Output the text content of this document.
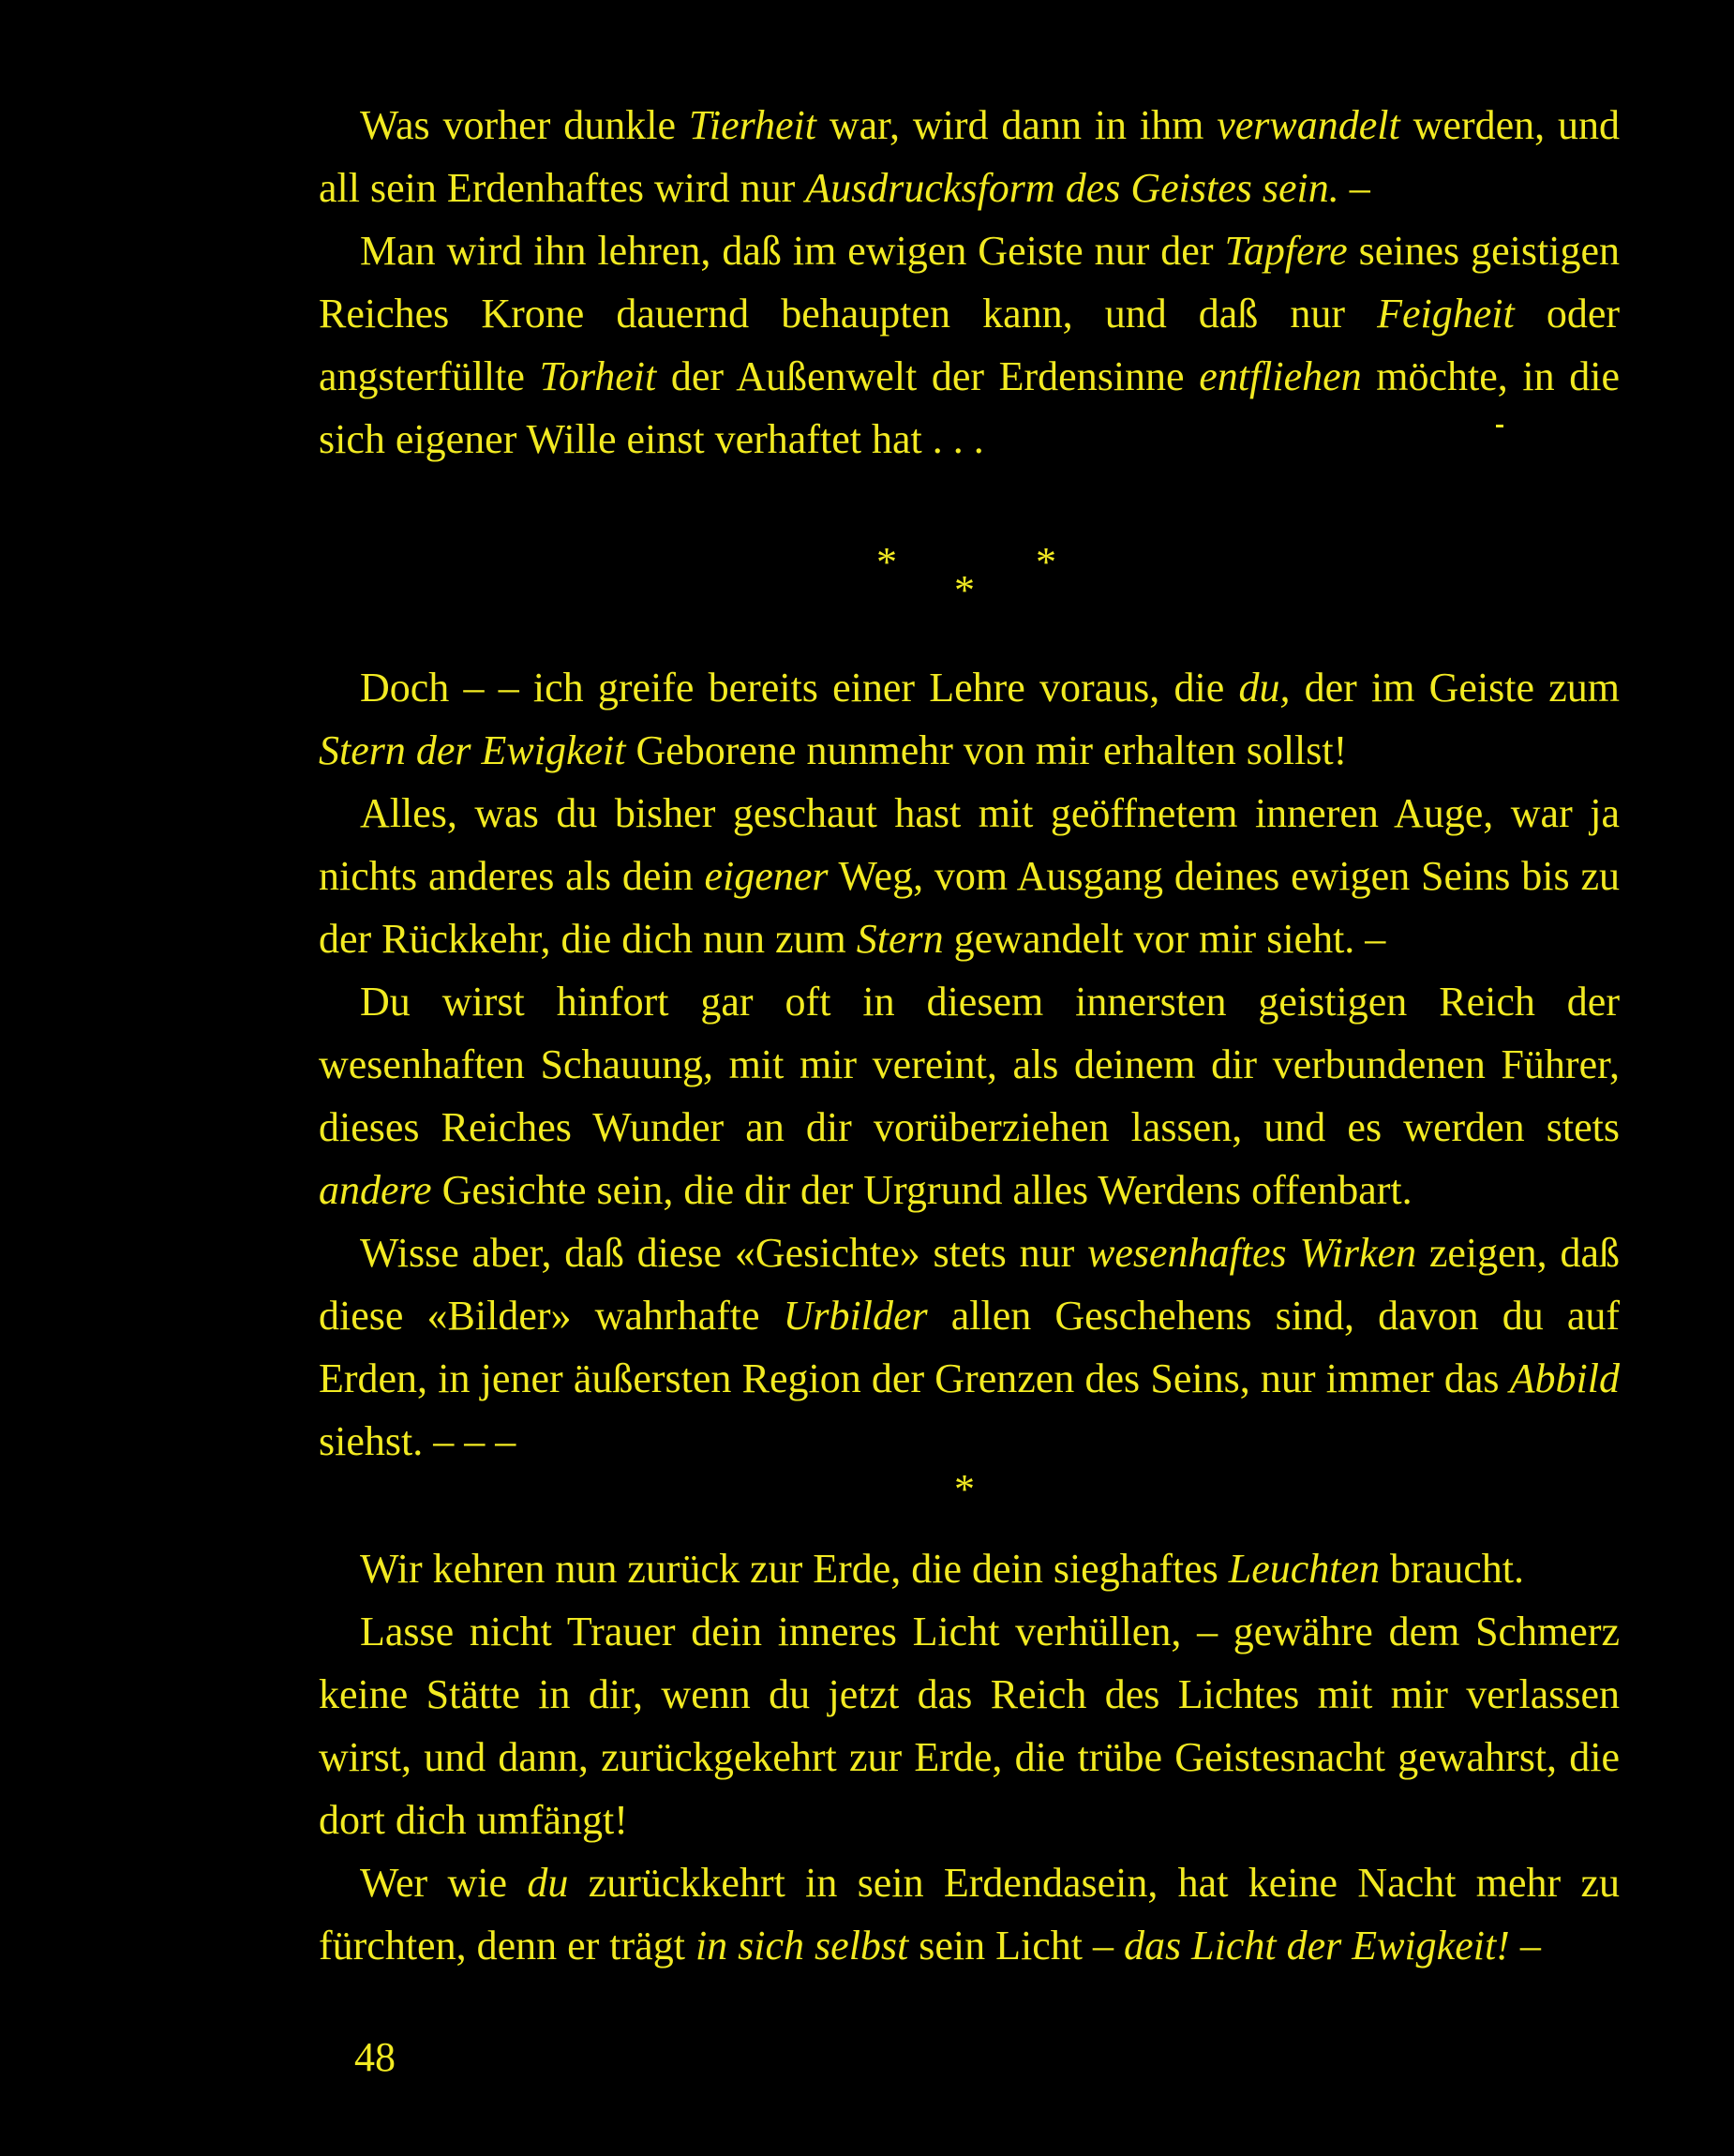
Was vorher dunkle Tierheit war, wird dann in ihm verwandelt werden, und all sein Erdenhaftes wird nur Ausdrucksform des Geistes sein. –

Man wird ihn lehren, daß im ewigen Geiste nur der Tapfere seines geistigen Reiches Krone dauernd behaupten kann, und daß nur Feigheit oder angsterfüllte Torheit der Außenwelt der Erdensinne entfliehen möchte, in die sich eigener Wille einst verhaftet hat . . .

*
*
*

Doch – – ich greife bereits einer Lehre voraus, die du, der im Geiste zum Stern der Ewigkeit Geborene nunmehr von mir erhalten sollst!

Alles, was du bisher geschaut hast mit geöffnetem inneren Auge, war ja nichts anderes als dein eigener Weg, vom Ausgang deines ewigen Seins bis zu der Rückkehr, die dich nun zum Stern gewandelt vor mir sieht. –

Du wirst hinfort gar oft in diesem innersten geistigen Reich der wesenhaften Schauung, mit mir vereint, als deinem dir verbundenen Führer, dieses Reiches Wunder an dir vorüberziehen lassen, und es werden stets andere Gesichte sein, die dir der Urgrund alles Werdens offenbart.

Wisse aber, daß diese «Gesichte» stets nur wesenhaftes Wirken zeigen, daß diese «Bilder» wahrhafte Urbilder allen Geschehens sind, davon du auf Erden, in jener äußersten Region der Grenzen des Seins, nur immer das Abbild siehst. – – –

*

Wir kehren nun zurück zur Erde, die dein sieghaftes Leuchten braucht.

Lasse nicht Trauer dein inneres Licht verhüllen, – gewähre dem Schmerz keine Stätte in dir, wenn du jetzt das Reich des Lichtes mit mir verlassen wirst, und dann, zurückgekehrt zur Erde, die trübe Geistesnacht gewahrst, die dort dich umfängt!

Wer wie du zurückkehrt in sein Erdendasein, hat keine Nacht mehr zu fürchten, denn er trägt in sich selbst sein Licht – das Licht der Ewigkeit! –

48
